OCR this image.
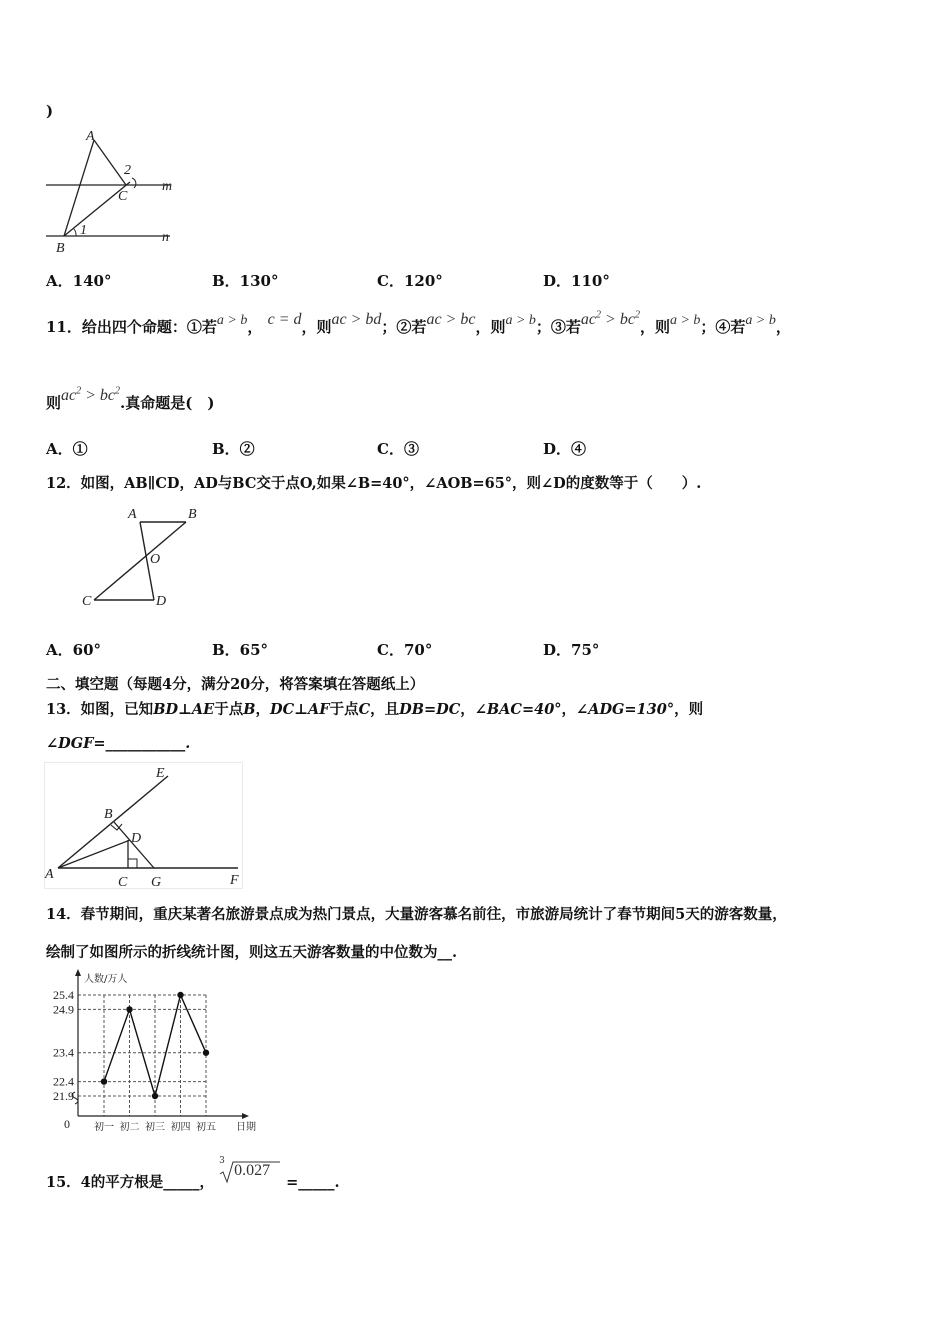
)
A
B
C
2
1
m
n
A．140°	B．130°	C．120°	D．110°
11．给出四个命题：①若a > b， c = d，则ac > bd；②若ac > bc，则a > b；③若$ac^2 > bc^2$，则a > b；④若a > b，
则$ac^2 > bc^2$.真命题是(　)
A．①	B．②	C．③	D．④
12．如图，AB∥CD，AD与BC交于点O,如果∠B=40°，∠AOB=65°，则∠D的度数等于（　　）.
A	B
O
C	D
A．60°	B．65°	C．70°	D．75°
二、填空题（每题4分，满分20分，将答案填在答题纸上）
13．如图，已知BD⊥AE于点B，DC⊥AF于点C，且DB=DC，∠BAC=40°，∠ADG=130°，则
∠DGF=___________.
E
B
D
A
C G	F
14．春节期间，重庆某著名旅游景点成为热门景点，大量游客慕名前往，市旅游局统计了春节期间5天的游客数量，
绘制了如图所示的折线统计图，则这五天游客数量的中位数为__.
21.9
22.4
23.4
24.9
25.4
人数/万人
0 初一 初二 初三 初四 初五 日期
15．4的平方根是_____，
3
0.027
=_____.
